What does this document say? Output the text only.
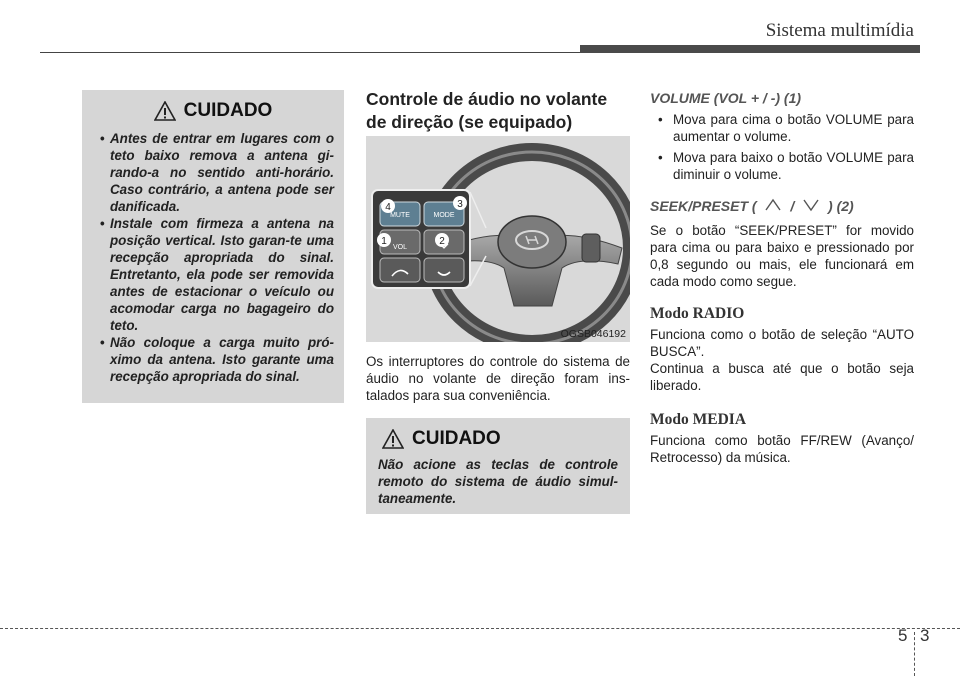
Sistema multimídia
CUIDADO
• Antes de entrar em lugares com o teto baixo remova a antena gi-rando-a no sentido anti-horário. Caso contrário, a antena pode ser danificada.
• Instale com firmeza a antena na posição vertical. Isto garan-te uma recepção apropriada do sinal. Entretanto, ela pode ser removida antes de estacionar o veículo ou acomodar carga no bagageiro do teto.
• Não coloque a carga muito pró-ximo da antena. Isto garante uma recepção apropriada do sinal.
Controle de áudio no volante de direção (se equipado)
MUTE	MODE
VOL
4	3
1	2
OGSB046192

Os interruptores do controle do sistema de áudio no volante de direção foram ins-talados para sua conveniência.

CUIDADO

Não acione as teclas de controle remoto do sistema de áudio simul-taneamente.

VOLUME (VOL + / -) (1)
• Mova para cima o botão VOLUME para aumentar o volume.
• Mova para baixo o botão VOLUME para diminuir o volume.
SEEK/PRESET ( / ) (2)

Se o botão “SEEK/PRESET” for movido para cima ou para baixo e pressionado por 0,8 segundo ou mais, ele funcionará em cada modo como segue.

Modo RADIO

Funciona como o botão de seleção “AUTO BUSCA”.

Continua a busca até que o botão seja liberado.

Modo MEDIA

Funciona como botão FF/REW (Avanço/ Retrocesso) da música.

5 3
